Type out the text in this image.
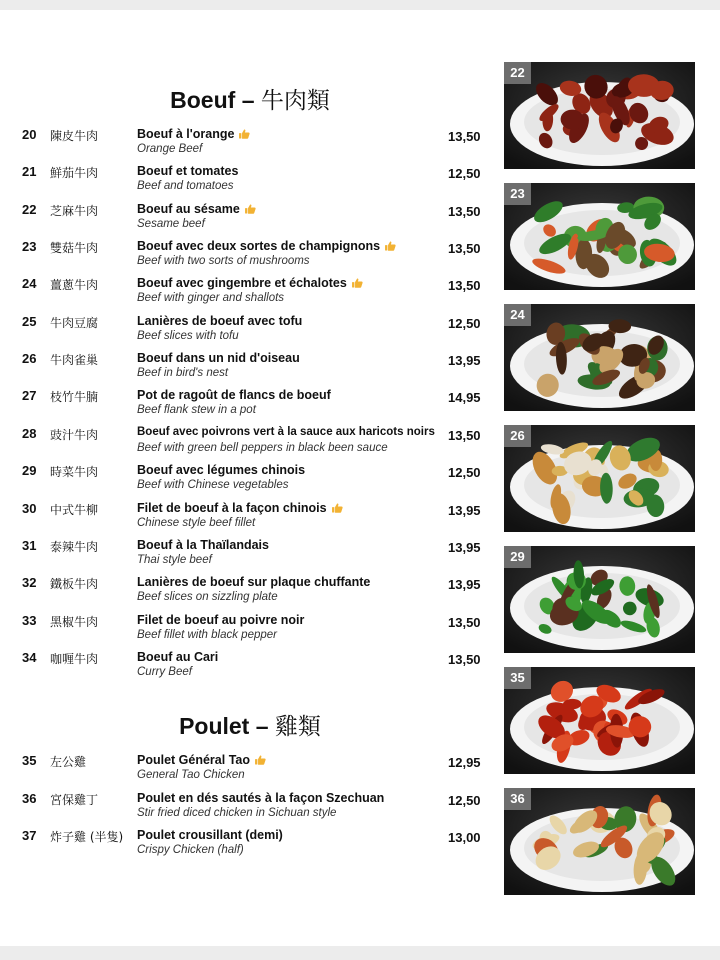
Boeuf – 牛肉類
20 陳皮牛肉	Boeuf à l'orange
Orange Beef
13,50
21 鮮茄牛肉	Boeuf et tomates
Beef and tomatoes
12,50
22 芝麻牛肉	Boeuf au sésame
Sesame beef
13,50
23 雙菇牛肉	Boeuf avec deux sortes de champignons
Beef with two sorts of mushrooms
13,50
24 薑蔥牛肉	Boeuf avec gingembre et échalotes
Beef with ginger and shallots
13,50
25 牛肉豆腐	Lanières de boeuf avec tofu
Beef slices with tofu
12,50
26 牛肉雀巢	Boeuf dans un nid d'oiseau
Beef in bird's nest
13,95
27 枝竹牛腩	Pot de ragoût de flancs de boeuf
Beef flank stew in a pot
14,95
28 豉汁牛肉	Boeuf avec poivrons vert à la sauce aux haricots noirs
Beef with green bell peppers in black been sauce
13,50
29 時菜牛肉	Boeuf avec légumes chinois
Beef with Chinese vegetables
12,50
30 中式牛柳	Filet de boeuf à la façon chinois
Chinese style beef fillet
13,95
31 泰辣牛肉	Boeuf à la Thaïlandais
Thai style beef
13,95
32 鐵板牛肉	Lanières de boeuf sur plaque chuffante
Beef slices on sizzling plate
13,95
33 黑椒牛肉	Filet de boeuf au poivre noir
Beef fillet with black pepper
13,50
34 咖喱牛肉	Boeuf au Cari
Curry Beef
13,50
Poulet – 雞類
35 左公雞	Poulet Général Tao
General Tao Chicken
12,95
36 宮保雞丁	Poulet en dés sautés à la façon Szechuan
Stir fried diced chicken in Sichuan style
12,50
37 炸子雞 (半隻) Poulet crousillant (demi)
Crispy Chicken (half)
13,00
22
23
24
26
29
35
36
